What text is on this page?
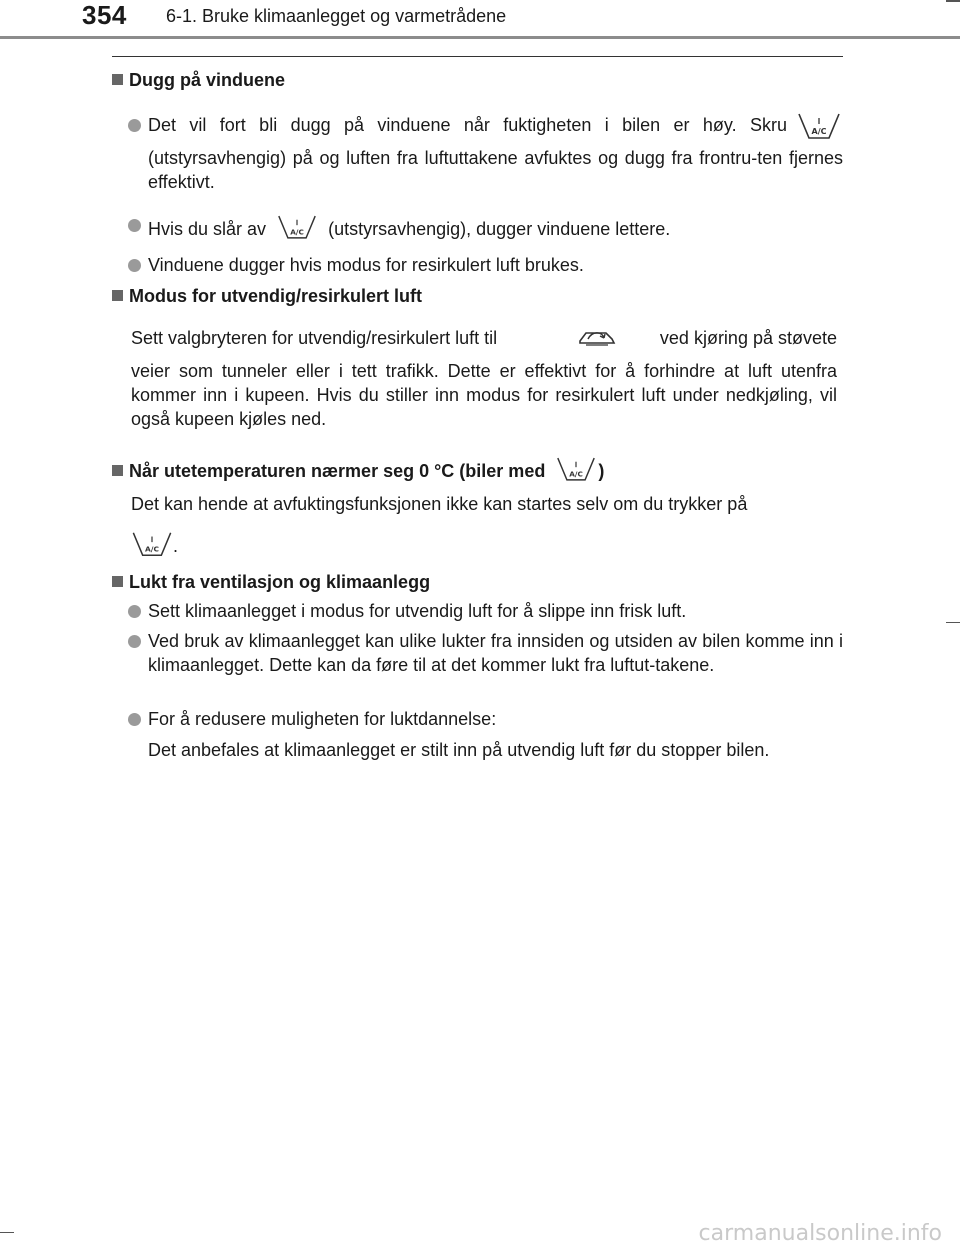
354 6-1. Bruke klimaanlegget og varmetrådene
Dugg på vinduene
Det vil fort bli dugg på vinduene når fuktigheten i bilen er høy. Skru	A/C
(utstyrsavhengig) på og luften fra luftuttakene avfuktes og dugg fra frontru-ten fjernes effektivt.
Hvis du slår av	A/C (utstyrsavhengig), dugger vinduene lettere.
Vinduene dugger hvis modus for resirkulert luft brukes.
Modus for utvendig/resirkulert luft
Sett valgbryteren for utvendig/resirkulert luft til	ved kjøring på støvete
veier som tunneler eller i tett trafikk. Dette er effektivt for å forhindre at luft utenfra kommer inn i kupeen. Hvis du stiller inn modus for resirkulert luft under nedkjøling, vil også kupeen kjøles ned.
Når utetemperaturen nærmer seg 0 °C (biler med	A/C )
Det kan hende at avfuktingsfunksjonen ikke kan startes selv om du trykker på
A/C .
Lukt fra ventilasjon og klimaanlegg
Sett klimaanlegget i modus for utvendig luft for å slippe inn frisk luft.
Ved bruk av klimaanlegget kan ulike lukter fra innsiden og utsiden av bilen komme inn i klimaanlegget. Dette kan da føre til at det kommer lukt fra luftut-takene.
For å redusere muligheten for luktdannelse:
Det anbefales at klimaanlegget er stilt inn på utvendig luft før du stopper bilen.
carmanualsonline.info
